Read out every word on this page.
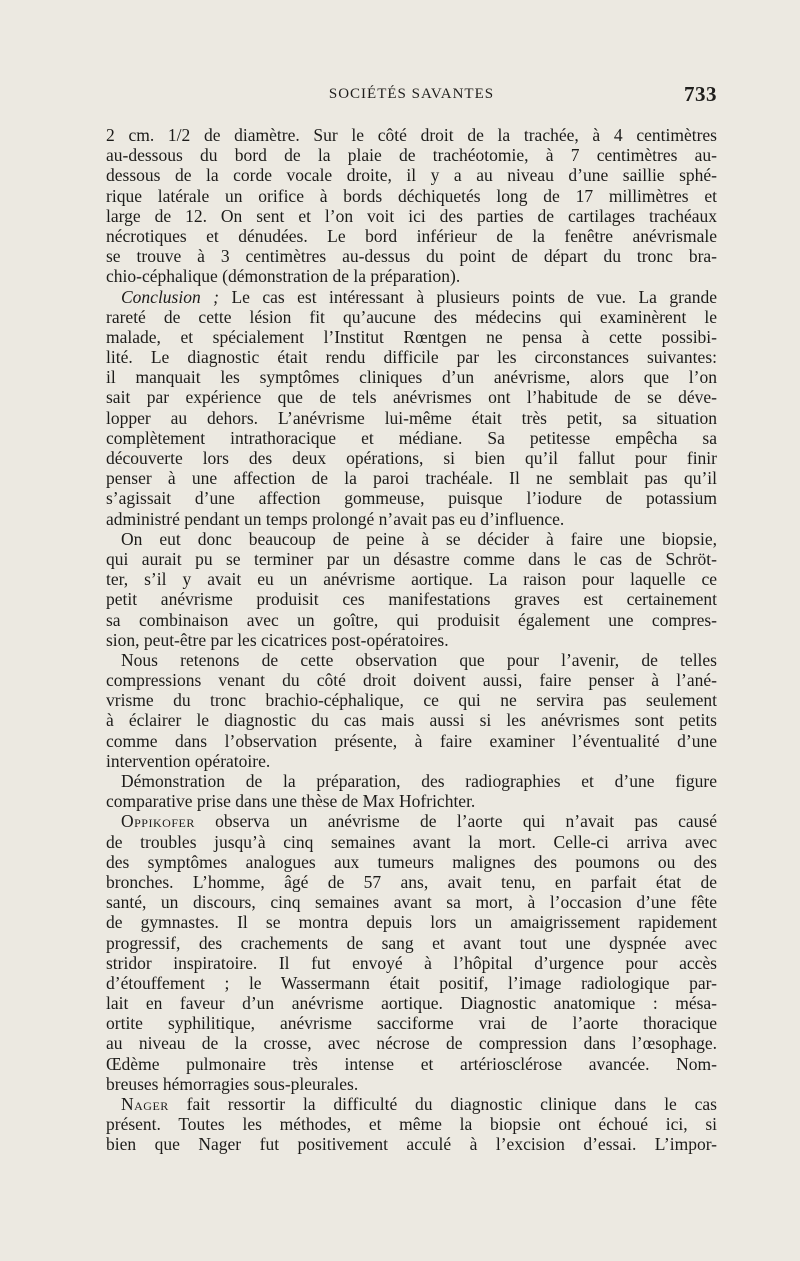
SOCIÉTÉS SAVANTES	733
2 cm. 1/2 de diamètre. Sur le côté droit de la trachée, à 4 centimètres
au-dessous du bord de la plaie de trachéotomie, à 7 centimètres au-
dessous de la corde vocale droite, il y a au niveau d’une saillie sphé-
rique latérale un orifice à bords déchiquetés long de 17 millimètres et
large de 12. On sent et l’on voit ici des parties de cartilages trachéaux
nécrotiques et dénudées. Le bord inférieur de la fenêtre anévrismale
se trouve à 3 centimètres au-dessus du point de départ du tronc bra-
chio-céphalique (démonstration de la préparation).
Conclusion ; Le cas est intéressant à plusieurs points de vue. La grande
rareté de cette lésion fit qu’aucune des médecins qui examinèrent le
malade, et spécialement l’Institut Rœntgen ne pensa à cette possibi-
lité. Le diagnostic était rendu difficile par les circonstances suivantes:
il manquait les symptômes cliniques d’un anévrisme, alors que l’on
sait par expérience que de tels anévrismes ont l’habitude de se déve-
lopper au dehors. L’anévrisme lui-même était très petit, sa situation
complètement intrathoracique et médiane. Sa petitesse empêcha sa
découverte lors des deux opérations, si bien qu’il fallut pour finir
penser à une affection de la paroi trachéale. Il ne semblait pas qu’il
s’agissait d’une affection gommeuse, puisque l’iodure de potassium
administré pendant un temps prolongé n’avait pas eu d’influence.
On eut donc beaucoup de peine à se décider à faire une biopsie,
qui aurait pu se terminer par un désastre comme dans le cas de Schröt-
ter, s’il y avait eu un anévrisme aortique. La raison pour laquelle ce
petit anévrisme produisit ces manifestations graves est certainement
sa combinaison avec un goître, qui produisit également une compres-
sion, peut-être par les cicatrices post-opératoires.
Nous retenons de cette observation que pour l’avenir, de telles
compressions venant du côté droit doivent aussi, faire penser à l’ané-
vrisme du tronc brachio-céphalique, ce qui ne servira pas seulement
à éclairer le diagnostic du cas mais aussi si les anévrismes sont petits
comme dans l’observation présente, à faire examiner l’éventualité d’une
intervention opératoire.
Démonstration de la préparation, des radiographies et d’une figure
comparative prise dans une thèse de Max Hofrichter.
Oppikofer observa un anévrisme de l’aorte qui n’avait pas causé
de troubles jusqu’à cinq semaines avant la mort. Celle-ci arriva avec
des symptômes analogues aux tumeurs malignes des poumons ou des
bronches. L’homme, âgé de 57 ans, avait tenu, en parfait état de
santé, un discours, cinq semaines avant sa mort, à l’occasion d’une fête
de gymnastes. Il se montra depuis lors un amaigrissement rapidement
progressif, des crachements de sang et avant tout une dyspnée avec
stridor inspiratoire. Il fut envoyé à l’hôpital d’urgence pour accès
d’étouffement ; le Wassermann était positif, l’image radiologique par-
lait en faveur d’un anévrisme aortique. Diagnostic anatomique : mésa-
ortite syphilitique, anévrisme sacciforme vrai de l’aorte thoracique
au niveau de la crosse, avec nécrose de compression dans l’œsophage.
Œdème pulmonaire très intense et artériosclérose avancée. Nom-
breuses hémorragies sous-pleurales.
Nager fait ressortir la difficulté du diagnostic clinique dans le cas
présent. Toutes les méthodes, et même la biopsie ont échoué ici, si
bien que Nager fut positivement acculé à l’excision d’essai. L’impor-
